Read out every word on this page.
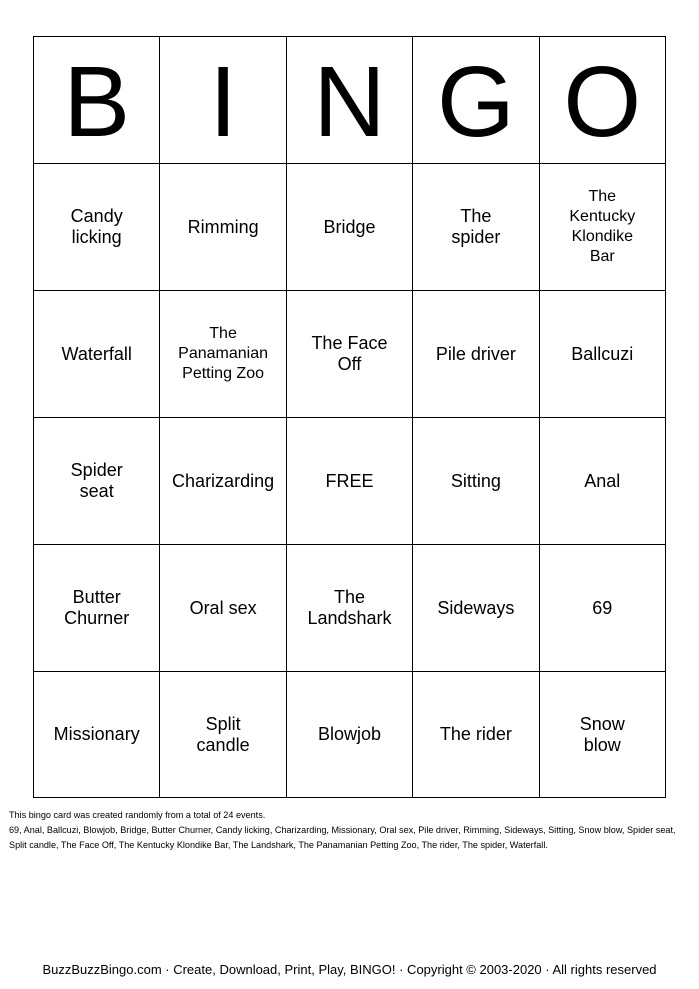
B	I	N	G	O

Candy licking	Rimming	Bridge	The spider	The Kentucky Klondike Bar

Waterfall	The Panamanian Petting Zoo	The Face Off	Pile driver	Ballcuzi

Spider seat	Charizarding	FREE	Sitting	Anal

Butter Churner	Oral sex	The Landshark	Sideways	69

Missionary	Split candle	Blowjob	The rider	Snow blow
This bingo card was created randomly from a total of 24 events.
69, Anal, Ballcuzi, Blowjob, Bridge, Butter Churner, Candy licking, Charizarding, Missionary, Oral sex, Pile driver, Rimming, Sideways, Sitting, Snow blow, Spider seat, Split candle, The Face Off, The Kentucky Klondike Bar, The Landshark, The Panamanian Petting Zoo, The rider, The spider, Waterfall.
BuzzBuzzBingo.com · Create, Download, Print, Play, BINGO! · Copyright © 2003-2020 · All rights reserved
